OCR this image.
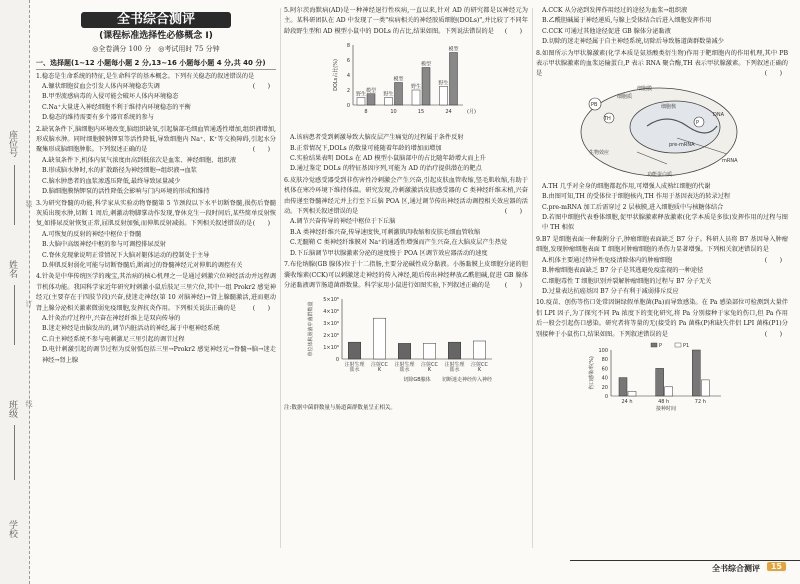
座位号
姓名
班级
学校
装
订
线
全书综合测评
(课程标准选择性必修概念 I)
◎全卷满分 100 分　◎考试用时 75 分钟
一、选择题(1~12 小题每小题 2 分,13~16 小题每小题 4 分,共 40 分)
1.稳态是生命系统的特征,是生命科学的基本概念。下列有关稳态的叙述错误的是
(　　)
A.镰状细胞贫血会引发人体内环境稳态失调
B.甲型流感病毒的入侵可能会破坏人体内环境稳态
C.Na⁺大量进入神经细胞不利于维持内环境稳态的平衡
D.稳态的维持需要有多个器官系统的参与
2.缺氧条件下,脑细胞内环境改变,脑组织缺氧,引起脑部毛细血管通透性增加,组织液增加,形成脑水肿。同时细胞膜钠钾泵等活性降低,导致细胞内 Na⁺、K⁺等交换障碍,引起水分聚集形成脑细胞肿胀。下列叙述正确的是	(　　)
A.缺氧条件下,机体内氧气浓度由高到低依次是血浆、神经细胞、组织液
B.形成脑水肿时,水的扩散路径为神经细胞→组织液→血浆
C.脑水肿患者的血浆渗透压降低,最终导致尿量减少
D.脑细胞膜钠钾泵的活性降低会影响与门内环境的形成和维持
3.为研究脊髓的功能,科学家从实验动物脊髓第 5 节颈段以下水平切断脊髓,损伤后脊髓灰质出现水肿,切断 1 周后,刺激动物脚掌动作发现,脊休克生一段时间后,某些简单反射恢复,如排尿反射恢复正常,屈肌反射加强,而伸肌反射减弱。下列相关叙述错误的是 (　　)
A.可恢复的反射的神经中枢位于脊髓
B.大脑中高级神经中枢的参与可调控排尿反射
C.脊休克现象说明正常情况下大脑对躯体运动的控制处于主导
D.伸肌反射弱化可能与切断脊髓后,断离过的脊髓神经元对伸肌的调控有关
4.针灸是中华传统医学的瑰宝,其治病的核心机理之一是通过刺激穴位神经活动并远程调节机体功能。我国科学家近年研究时刺激小鼠后肢足三里穴位,其中一组 Prokr2 感觉神经元(主要存在于四肢节段)兴奋,使迷走神经(第 10 对脑神经)→肾上腺髓激活,进而驱动肾上腺分泌相关激素微弱免疫细胞,发挥抗炎作用。下列相关说法正确的是	(　　)
A.针灸治疗过程中,兴奋在神经纤维上是双向传导的
B.迷走神经是由脑发出的,调节内脏活动的神经,属于中枢神经系统
C.自主神经系统不参与电刺激足三里引起的调节过程
D.电针刺激引起的调节过程为反射弧包括三里→Prokr2 感觉神经元→脊髓→脑→迷走神经→肾上腺
5.阿尔茨海默病(AD)是一种神经退行性疾病,一直以来,针对 AD 的研究都是以神经元为主。某科研团队在 AD 中发现了一类"疾病相关的神经胶质细胞(DOLs)",并比较了不同年龄段野生型和 AD 模型小鼠中的 DOLs 的占比,结果如图。下列说法错误的是 (　　)
0
2
4
6
8
DOLs占比(%)
野生
模型
8
野生
模型
10
野生
模型
15
野生
模型
24	(月)
A.该病患者受到刺激导致大脑皮层产生痛觉的过程属于条件反射
B.正常情况下,DOLs 的数量可能随着年龄的增加而增加
C.实验结果表明 DOLs 在 AD 模型小鼠脑部中的占比随年龄增大而上升
D.通过鉴定 DOLs 的特征基因序列,可能为 AD 的治疗提供潜在的靶点
6.皮肤冷觉感受器受到非伤害性冷刺激会产生兴奋,引起皮肤血管收缩,竖毛肌收缩,有助于机体在寒冷环境下维持体温。研究发现,冷刺激激活皮肤感受器的 C 类神经纤维末梢,兴奋由传递至脊髓神经元并上行至下丘脑 POA 区,通过调节传出神经活动调控相关效应器的活动。下列相关叙述错误的是	(　　)
A.调节兴奋传导的神经中枢位于下丘脑
B.A 类神经纤维兴奋,传导速度快,可刺激肌肉收缩和皮肤毛细血管收缩
C.无髓鞘 C 类神经纤维膜对 Na⁺的通透性增强而产生兴奋,在大脑皮层产生热觉
D.下丘脑调节甲状腺激素分泌的速度慢于 POA 区调节效应器活动的速度
7.布伦纳腺(GB 腺体)位于十二指肠,主要分泌碱性成分黏液。小肠黏膜上皮细胞分泌的胆囊收缩素(CCK)可以刺激迷走神经的传入神经,随后传出神经释放乙酰胆碱,促进 GB 腺体分泌黏液调节肠道菌群数量。科学家用小鼠进行如图实验,下列叙述正确的是 (　　)
0
1×10⁶
2×10⁶
3×10⁶
4×10⁶
5×10⁶
单位体积肠液中菌群数量
注射生理
盐水
注射CC
K
注射生理
盐水
注射CC
K
注射生理
盐水
注射CC
K
切除GB腺体 切断迷走神经传入神经
注:数据中菌群数量与肠道菌群数量呈正相关。
A.CCK 从分泌到发挥作用经过的途径为血浆→组织液
B.乙酰胆碱属于神经递质,与腺上受体结合后进入细胞发挥作用
C.CCK 可通过其他途径促进 GB 腺体分泌黏液
D.切除的迷走神经属于自主神经系统,切除后导致肠道菌群数量减少
8.如图所示为甲状腺激素(化学本质是氨基酸类衍生物)作用于靶细胞内的作用机理,其中 PB 表示甲状腺激素的血浆运输蛋白,P 表示 RNA 聚合酶,TH 表示甲状腺激素。下列叙述正确的是	(　　)
细胞膜
细胞质
细胞核
PB
TH
P
DNA
pre-mRNA
mRNA
生物效应
功能蛋白质
A.TH 几乎对全身的细胞都起作用,可增强人成熟红细胞的代谢
B.由图可知,TH 的受体位于细胞核内,TH 作用于基因表达的转录过程
C.pre-mRNA 加工后需穿过 2 层核膜,进入细胞质中与核糖体结合
D.若图中细胞代表垂体细胞,促甲状腺激素释放激素(化学本质是多肽)发挥作用的过程与图中 TH 相似
9.B7 是细胞表面一种黏附分子,肿瘤细胞表面缺乏 B7 分子。科研人员将 B7 基因导入肿瘤细胞,发现肿瘤细胞表面 T 细胞对肿瘤细胞的杀伤力显著增强。下列相关叙述错误的是
(　　)
A.机体主要通过特异性免疫清除体内的肿瘤细胞
B.肿瘤细胞表面缺乏 B7 分子是其逃避免疫监视的一种途径
C.细胞毒性 T 细胞识别并裂解肿瘤细胞的过程与 B7 分子无关
D.过量表达抗癌基因 B7 分子有利于减弱排斥反应
10.疫苗、创伤等伤口处常因铜绿假单胞菌(Pa)而导致感染。在 Pa 感染部位可检测到大量伴侣 LPI 因子,为了探究不同 Pa 浓度下的变化研究,将 Pa 分别接种于家兔的伤口,但 Pa 作用后一般会引起伤口感染。研究者将等量的无(接受的 Pa 菌株(P)和缺失伴侣 LPI 菌株(P1)分别接种于小鼠伤口,结果如图。下列叙述错误的是	(　　)
0
20
40
60
80
100
伤口感染率(%)
P	P1
24 h	48 h	72 h
接种时间
全书综合测评	15
